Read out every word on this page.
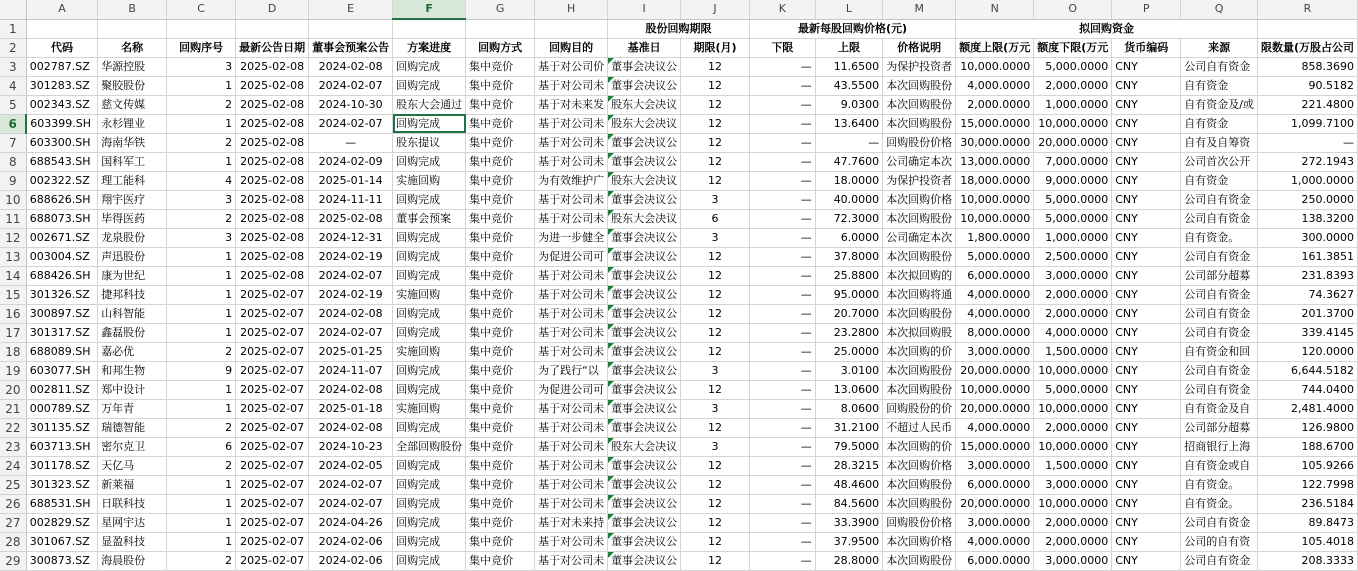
	A	B	C	D	E	F	G	H	I	J	K	L	M	N	O	P	Q	R
1									股份回购期限		最新每股回购价格(元)			拟回购资金				
2	代码	名称	回购序号	最新公告日期	董事会预案公告	方案进度	回购方式	回购目的	基准日	期限(月)	下限	上限	价格说明	额度上限(万元	额度下限(万元	货币编码	来源	限数量(万股占公司
3	002787.SZ	华源控股	3	2025-02-08	2024-02-08	回购完成	集中竞价	基于对公司价	董事会决议公	12	—	11.6500	为保护投资者	10,000.0000	5,000.0000	CNY	公司自有资金	858.3690
4	301283.SZ	聚胶股份	1	2025-02-08	2024-02-07	回购完成	集中竞价	基于对公司未	董事会决议公	12	—	43.5500	本次回购股份	4,000.0000	2,000.0000	CNY	自有资金	90.5182
5	002343.SZ	慈文传媒	2	2025-02-08	2024-10-30	股东大会通过	集中竞价	基于对未来发	股东大会决议	12	—	9.0300	本次回购股份	2,000.0000	1,000.0000	CNY	自有资金及/或	221.4800
6	603399.SH	永杉锂业	1	2025-02-08	2024-02-07	回购完成	集中竞价	基于对公司未	股东大会决议	12	—	13.6400	本次回购股份	15,000.0000	10,000.0000	CNY	自有资金	1,099.7100
7	603300.SH	海南华铁	2	2025-02-08	—	股东提议	集中竞价	基于对公司未	董事会决议公	12	—	—	回购股份价格	30,000.0000	20,000.0000	CNY	自有及自筹资	—
8	688543.SH	国科军工	1	2025-02-08	2024-02-09	回购完成	集中竞价	基于对公司未	董事会决议公	12	—	47.7600	公司确定本次	13,000.0000	7,000.0000	CNY	公司首次公开	272.1943
9	002322.SZ	理工能科	4	2025-02-08	2025-01-14	实施回购	集中竞价	为有效维护广	股东大会决议	12	—	18.0000	为保护投资者	18,000.0000	9,000.0000	CNY	自有资金	1,000.0000
10	688626.SH	翔宇医疗	3	2025-02-08	2024-11-11	回购完成	集中竞价	基于对公司未	董事会决议公	3	—	40.0000	本次回购价格	10,000.0000	5,000.0000	CNY	公司自有资金	250.0000
11	688073.SH	毕得医药	2	2025-02-08	2025-02-08	董事会预案	集中竞价	基于对公司未	股东大会决议	6	—	72.3000	本次回购股份	10,000.0000	5,000.0000	CNY	公司自有资金	138.3200
12	002671.SZ	龙泉股份	3	2025-02-08	2024-12-31	回购完成	集中竞价	为进一步健全	董事会决议公	3	—	6.0000	公司确定本次	1,800.0000	1,000.0000	CNY	自有资金。	300.0000
13	003004.SZ	声迅股份	1	2025-02-08	2024-02-19	回购完成	集中竞价	为促进公司可	董事会决议公	12	—	37.8000	本次回购股份	5,000.0000	2,500.0000	CNY	公司自有资金	161.3851
14	688426.SH	康为世纪	1	2025-02-08	2024-02-07	回购完成	集中竞价	基于对公司未	董事会决议公	12	—	25.8800	本次拟回购的	6,000.0000	3,000.0000	CNY	公司部分超募	231.8393
15	301326.SZ	捷邦科技	1	2025-02-07	2024-02-19	实施回购	集中竞价	基于对公司未	董事会决议公	12	—	95.0000	本次回购将通	4,000.0000	2,000.0000	CNY	公司自有资金	74.3627
16	300897.SZ	山科智能	1	2025-02-07	2024-02-08	回购完成	集中竞价	基于对公司未	董事会决议公	12	—	20.7000	本次回购股份	4,000.0000	2,000.0000	CNY	公司自有资金	201.3700
17	301317.SZ	鑫磊股份	1	2025-02-07	2024-02-07	回购完成	集中竞价	基于对公司未	董事会决议公	12	—	23.2800	本次拟回购股	8,000.0000	4,000.0000	CNY	公司自有资金	339.4145
18	688089.SH	嘉必优	2	2025-02-07	2025-01-25	实施回购	集中竞价	基于对公司未	董事会决议公	12	—	25.0000	本次回购的价	3,000.0000	1,500.0000	CNY	自有资金和回	120.0000
19	603077.SH	和邦生物	9	2025-02-07	2024-11-07	回购完成	集中竞价	为了践行“以	董事会决议公	3	—	3.0100	本次回购股份	20,000.0000	10,000.0000	CNY	公司自有资金	6,644.5182
20	002811.SZ	郑中设计	1	2025-02-07	2024-02-08	回购完成	集中竞价	为促进公司可	董事会决议公	12	—	13.0600	本次回购股份	10,000.0000	5,000.0000	CNY	公司自有资金	744.0400
21	000789.SZ	万年青	1	2025-02-07	2025-01-18	实施回购	集中竞价	基于对公司未	董事会决议公	3	—	8.0600	回购股份的价	20,000.0000	10,000.0000	CNY	自有资金及自	2,481.4000
22	301135.SZ	瑞德智能	2	2025-02-07	2024-02-08	回购完成	集中竞价	基于对公司未	董事会决议公	12	—	31.2100	不超过人民币	4,000.0000	2,000.0000	CNY	公司部分超募	126.9800
23	603713.SH	密尔克卫	6	2025-02-07	2024-10-23	全部回购股份	集中竞价	基于对公司未	股东大会决议	3	—	79.5000	本次回购的价	15,000.0000	10,000.0000	CNY	招商银行上海	188.6700
24	301178.SZ	天亿马	2	2025-02-07	2024-02-05	回购完成	集中竞价	基于对公司未	董事会决议公	12	—	28.3215	本次回购价格	3,000.0000	1,500.0000	CNY	自有资金或自	105.9266
25	301323.SZ	新莱福	1	2025-02-07	2024-02-07	回购完成	集中竞价	基于对公司未	董事会决议公	12	—	48.4600	本次回购股份	6,000.0000	3,000.0000	CNY	自有资金。	122.7998
26	688531.SH	日联科技	1	2025-02-07	2024-02-07	回购完成	集中竞价	基于对公司未	董事会决议公	12	—	84.5600	本次回购股份	20,000.0000	10,000.0000	CNY	自有资金。	236.5184
27	002829.SZ	星网宇达	1	2025-02-07	2024-04-26	回购完成	集中竞价	基于对未来持	董事会决议公	12	—	33.3900	回购股份价格	3,000.0000	2,000.0000	CNY	公司自有资金	89.8473
28	301067.SZ	显盈科技	1	2025-02-07	2024-02-06	回购完成	集中竞价	基于对公司未	董事会决议公	12	—	37.9500	本次回购价格	4,000.0000	2,000.0000	CNY	公司的自有资	105.4018
29	300873.SZ	海晨股份	2	2025-02-07	2024-02-06	回购完成	集中竞价	基于对公司未	董事会决议公	12	—	28.8000	本次回购股份	6,000.0000	3,000.0000	CNY	公司自有资金	208.3333
